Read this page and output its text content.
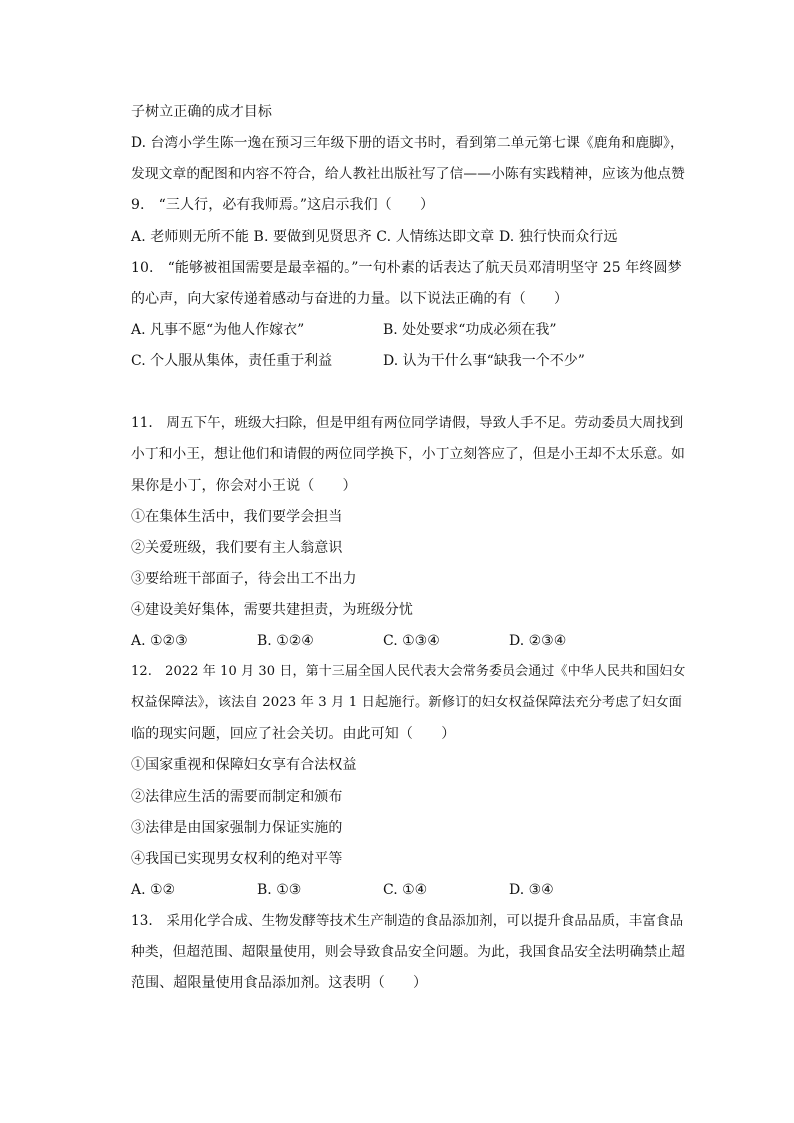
子树立正确的成才目标
D. 台湾小学生陈一逸在预习三年级下册的语文书时，看到第二单元第七课《鹿角和鹿脚》，
发现文章的配图和内容不符合，给人教社出版社写了信——小陈有实践精神，应该为他点赞
9.　“三人行，必有我师焉。”这启示我们（　　）
A. 老师则无所不能 B. 要做到见贤思齐 C. 人情练达即文章 D. 独行快而众行远
10.　“能够被祖国需要是最幸福的。”一句朴素的话表达了航天员邓清明坚守 25 年终圆梦
的心声，向大家传递着感动与奋进的力量。以下说法正确的有（　　）
A. 凡事不愿“为他人作嫁衣”	B. 处处要求“功成必须在我”
C. 个人服从集体，责任重于利益	D. 认为干什么事“缺我一个不少”
11.　周五下午，班级大扫除，但是甲组有两位同学请假，导致人手不足。劳动委员大周找到
小丁和小王，想让他们和请假的两位同学换下，小丁立刻答应了，但是小王却不太乐意。如
果你是小丁，你会对小王说（　　）
①在集体生活中，我们要学会担当
②关爱班级，我们要有主人翁意识
③要给班干部面子，待会出工不出力
④建设美好集体，需要共建担责，为班级分忧
A. ①②③	B. ①②④	C. ①③④	D. ②③④
12.　2022 年 10 月 30 日，第十三届全国人民代表大会常务委员会通过《中华人民共和国妇女
权益保障法》，该法自 2023 年 3 月 1 日起施行。新修订的妇女权益保障法充分考虑了妇女面
临的现实问题，回应了社会关切。由此可知（　　）
①国家重视和保障妇女享有合法权益
②法律应生活的需要而制定和颁布
③法律是由国家强制力保证实施的
④我国已实现男女权利的绝对平等
A. ①②	B. ①③	C. ①④	D. ③④
13.　采用化学合成、生物发酵等技术生产制造的食品添加剂，可以提升食品品质，丰富食品
种类，但超范围、超限量使用，则会导致食品安全问题。为此，我国食品安全法明确禁止超
范围、超限量使用食品添加剂。这表明（　　）
